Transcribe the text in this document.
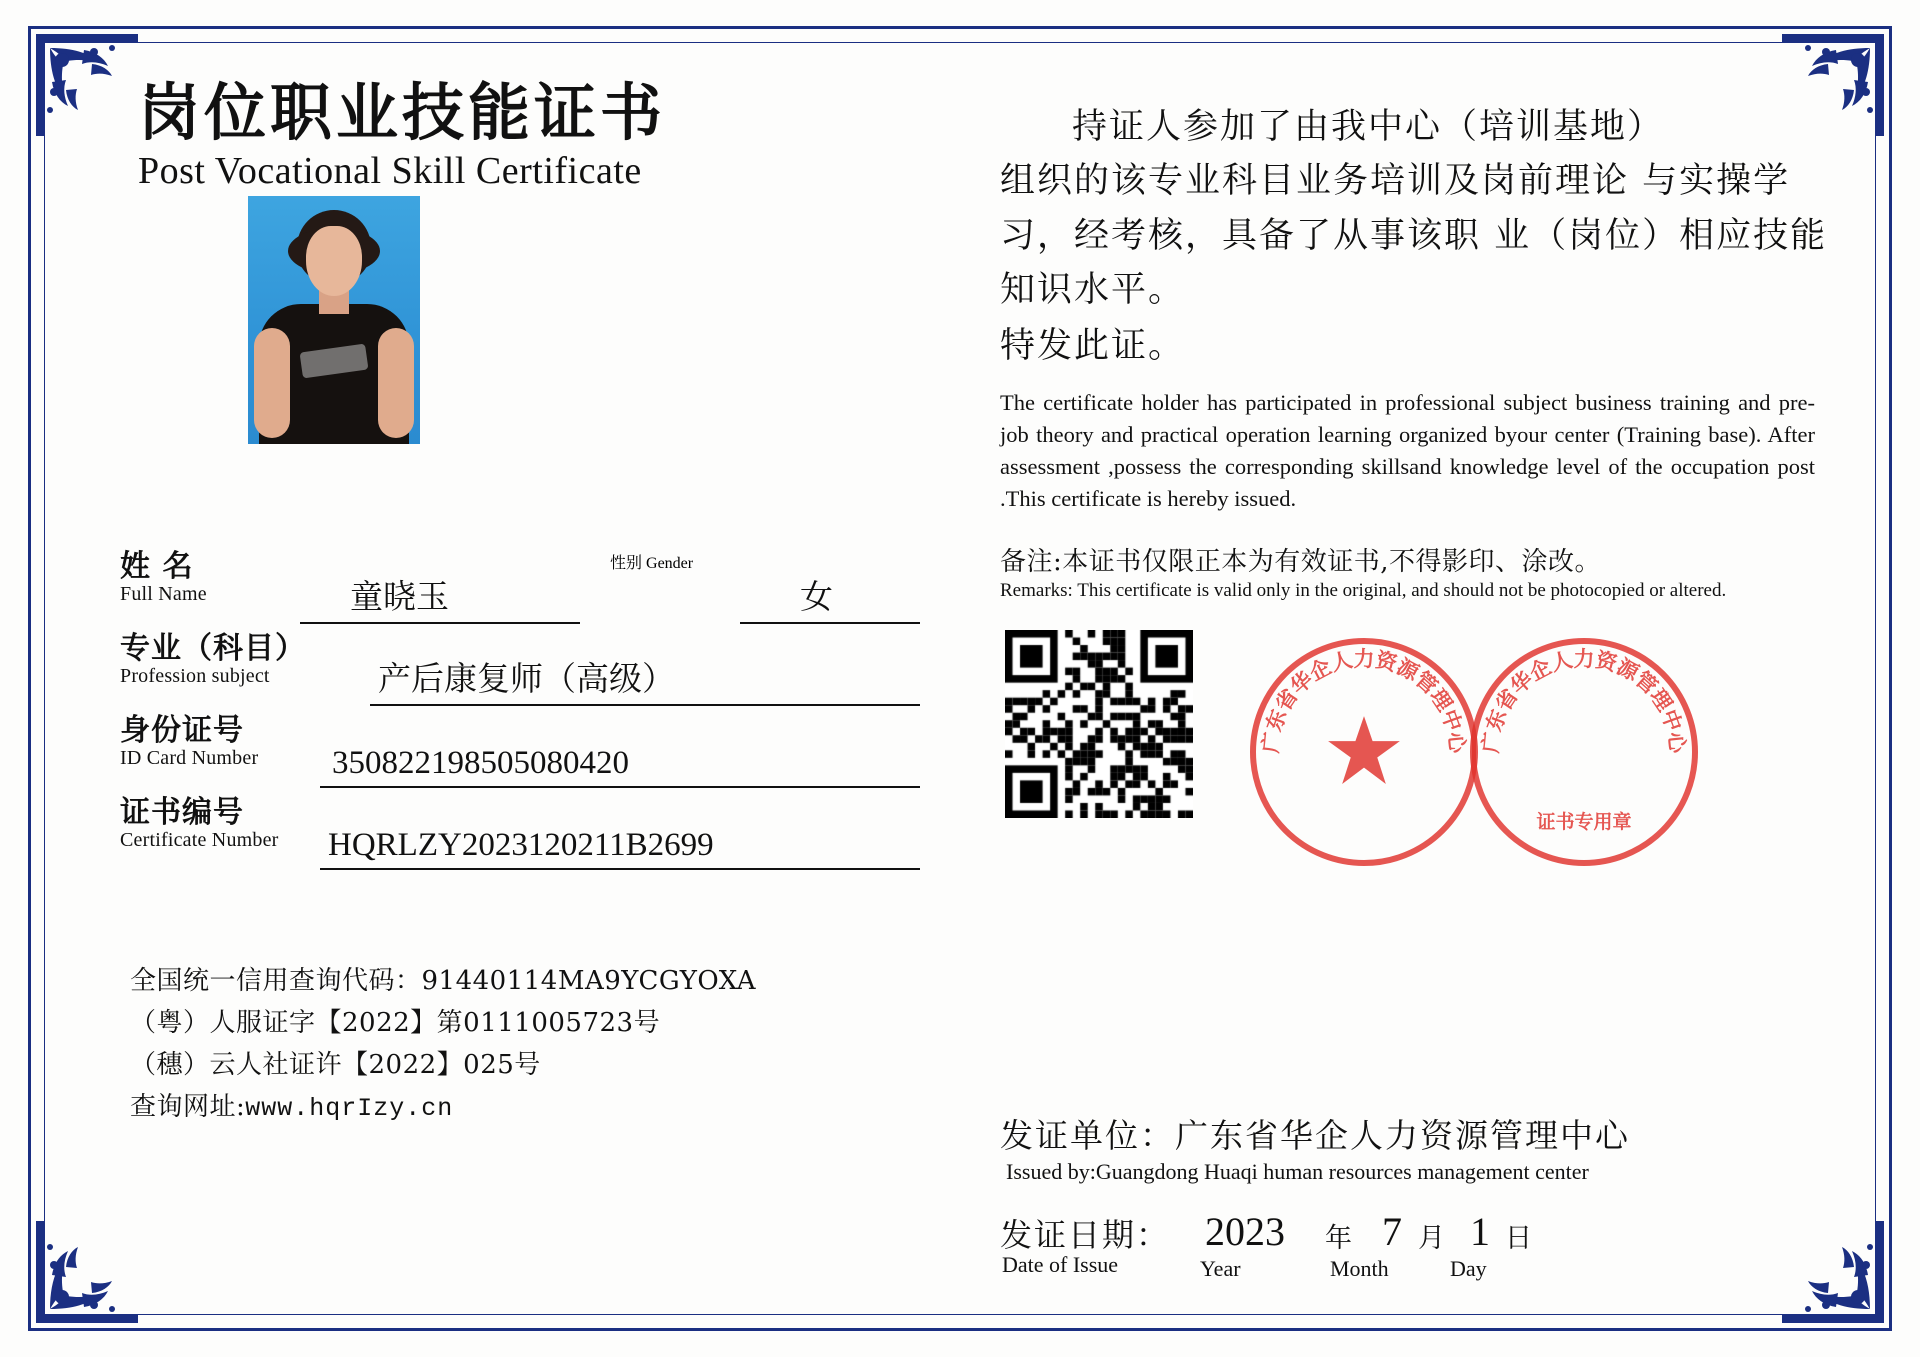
岗位职业技能证书
Post Vocational Skill Certificate
姓 名
Full Name	童晓玉
性别 Gender
女
专业（科目）
Profession subject	产后康复师（高级）
身份证号
ID Card Number	350822198505080420
证书编号
Certificate Number	HQRLZY2023120211B2699
全国统一信用查询代码：91440114MA9YCGYOXA
（粤）人服证字【2022】第0111005723号
（穗）云人社证许【2022】025号
查询网址:www.hqrIzy.cn
持证人参加了由我中心（培训基地）
组织的该专业科目业务培训及岗前理论 与实操学习，经考核，具备了从事该职 业（岗位）相应技能知识水平。
特发此证。
The certificate holder has participated in professional subject business training and pre-job theory and practical operation learning organized byour center (Training base). After assessment ,possess the corresponding skillsand knowledge level of the occupation post .This certificate is hereby issued.
备注:本证书仅限正本为有效证书,不得影印、涂改。
Remarks: This certificate is valid only in the original, and should not be photocopied or altered.
广东省华企人力资源管理中心 广东省华企人力资源管理中心
证书专用章
发证单位：广东省华企人力资源管理中心
Issued by:Guangdong Huaqi human resources management center
发证日期：
Date of Issue
2023 年 7 月 1 日
Year	Month	Day
